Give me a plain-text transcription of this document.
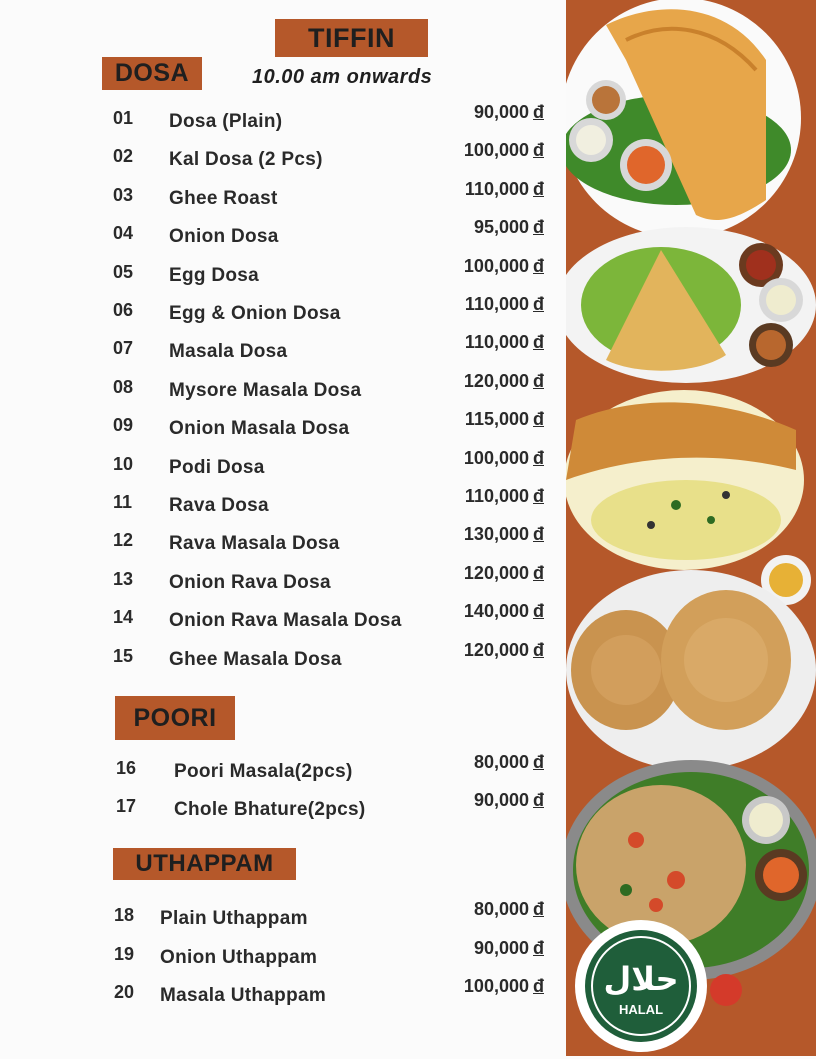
TIFFIN
DOSA	10.00 am onwards
01 Dosa (Plain)	90,000 đ
02 Kal Dosa (2 Pcs)	100,000 đ
03 Ghee Roast	110,000 đ
04 Onion Dosa	95,000 đ
05 Egg Dosa	100,000 đ
06 Egg & Onion Dosa	110,000 đ
07 Masala Dosa	110,000 đ
08 Mysore Masala Dosa	120,000 đ
09 Onion Masala Dosa	115,000 đ
10 Podi Dosa	100,000 đ
11 Rava Dosa	110,000 đ
12 Rava Masala Dosa	130,000 đ
13 Onion Rava Dosa	120,000 đ
14 Onion Rava Masala Dosa	140,000 đ
15 Ghee Masala Dosa	120,000 đ
POORI
16 Poori Masala(2pcs)	80,000 đ
17 Chole Bhature(2pcs)	90,000 đ
UTHAPPAM
18 Plain Uthappam	80,000 đ
19 Onion Uthappam	90,000 đ
20 Masala Uthappam	100,000 đ حلال
HALAL
